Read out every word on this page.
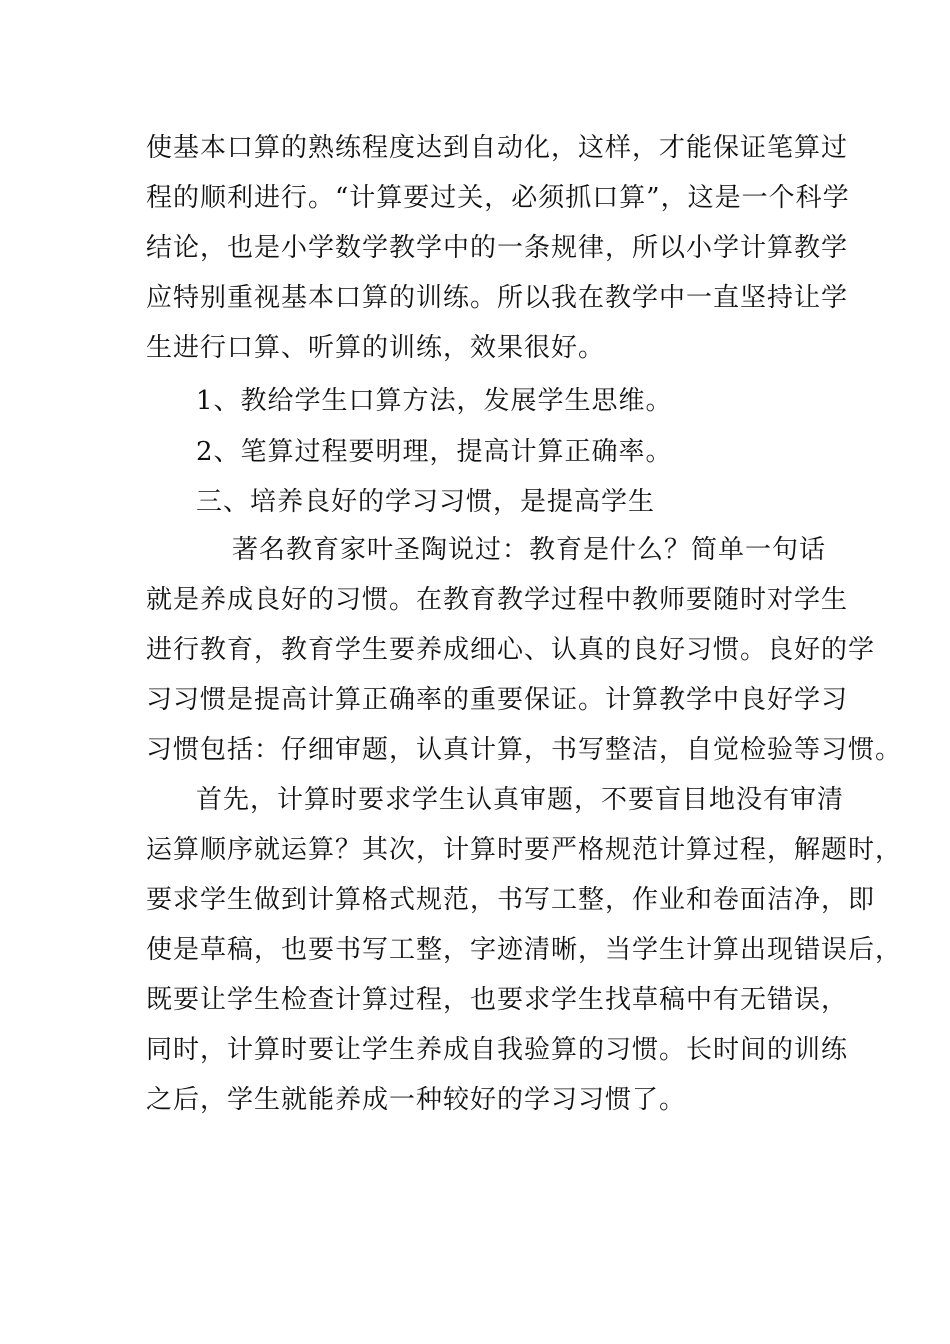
使基本口算的熟练程度达到自动化，这样，才能保证笔算过
程的顺利进行。“计算要过关，必须抓口算”，这是一个科学
结论，也是小学数学教学中的一条规律，所以小学计算教学
应特别重视基本口算的训练。所以我在教学中一直坚持让学
生进行口算、听算的训练，效果很好。
1、教给学生口算方法，发展学生思维。
2、笔算过程要明理，提高计算正确率。
三、培养良好的学习习惯，是提高学生
著名教育家叶圣陶说过：教育是什么？简单一句话
就是养成良好的习惯。在教育教学过程中教师要随时对学生
进行教育，教育学生要养成细心、认真的良好习惯。良好的学
习习惯是提高计算正确率的重要保证。计算教学中良好学习
习惯包括：仔细审题，认真计算，书写整洁，自觉检验等习惯。
首先，计算时要求学生认真审题，不要盲目地没有审清
运算顺序就运算？其次，计算时要严格规范计算过程，解题时，
要求学生做到计算格式规范，书写工整，作业和卷面洁净，即
使是草稿，也要书写工整，字迹清晰，当学生计算出现错误后，
既要让学生检查计算过程，也要求学生找草稿中有无错误，
同时，计算时要让学生养成自我验算的习惯。长时间的训练
之后，学生就能养成一种较好的学习习惯了。
